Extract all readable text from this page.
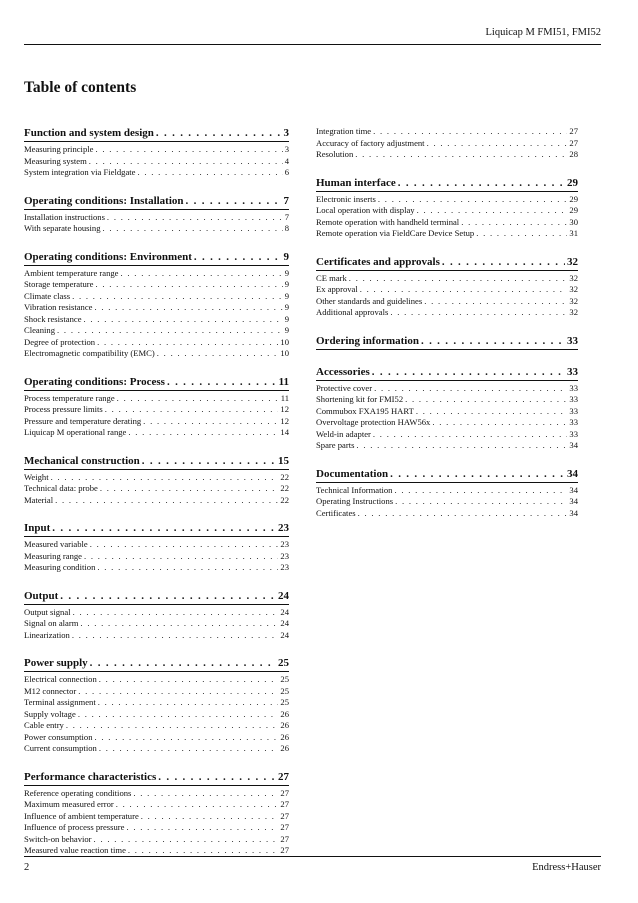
Liquicap M FMI51, FMI52
Table of contents
Function and system design . . .	3
Measuring principle . . .	3
Measuring system . . .	4
System integration via Fieldgate . . .	6
Operating conditions: Installation . . .	7
Installation instructions . . .	7
With separate housing . . .	8
Operating conditions: Environment . . .	9
Ambient temperature range . . .	9
Storage temperature . . .	9
Climate class . . .	9
Vibration resistance . . .	9
Shock resistance . . .	9
Cleaning . . .	9
Degree of protection . . .	10
Electromagnetic compatibility (EMC) . . .	10
Operating conditions: Process . . .	11
Process temperature range . . .	11
Process pressure limits . . .	12
Pressure and temperature derating . . .	12
Liquicap M operational range . . .	14
Mechanical construction . . .	15
Weight . . .	22
Technical data: probe . . .	22
Material . . .	22
Input . . .	23
Measured variable . . .	23
Measuring range . . .	23
Measuring condition . . .	23
Output . . .	24
Output signal . . .	24
Signal on alarm . . .	24
Linearization . . .	24
Power supply . . .	25
Electrical connection . . .	25
M12 connector . . .	25
Terminal assignment . . .	25
Supply voltage . . .	26
Cable entry . . .	26
Power consumption . . .	26
Current consumption . . .	26
Performance characteristics . . .	27
Reference operating conditions . . .	27
Maximum measured error . . .	27
Influence of ambient temperature . . .	27
Influence of process pressure . . .	27
Switch-on behavior . . .	27
Measured value reaction time . . .	27
Integration time . . .	27
Accuracy of factory adjustment . . .	27
Resolution . . .	28
Human interface . . .	29
Electronic inserts . . .	29
Local operation with display . . .	29
Remote operation with handheld terminal . . .	30
Remote operation via FieldCare Device Setup . . .	31
Certificates and approvals . . .	32
CE mark . . .	32
Ex approval . . .	32
Other standards and guidelines . . .	32
Additional approvals . . .	32
Ordering information . . .	33
Accessories . . .	33
Protective cover . . .	33
Shortening kit for FMI52 . . .	33
Commubox FXA195 HART . . .	33
Overvoltage protection HAW56x . . .	33
Weld-in adapter . . .	33
Spare parts . . .	34
Documentation . . .	34
Technical Information . . .	34
Operating Instructions . . .	34
Certificates . . .	34
2	Endress+Hauser
